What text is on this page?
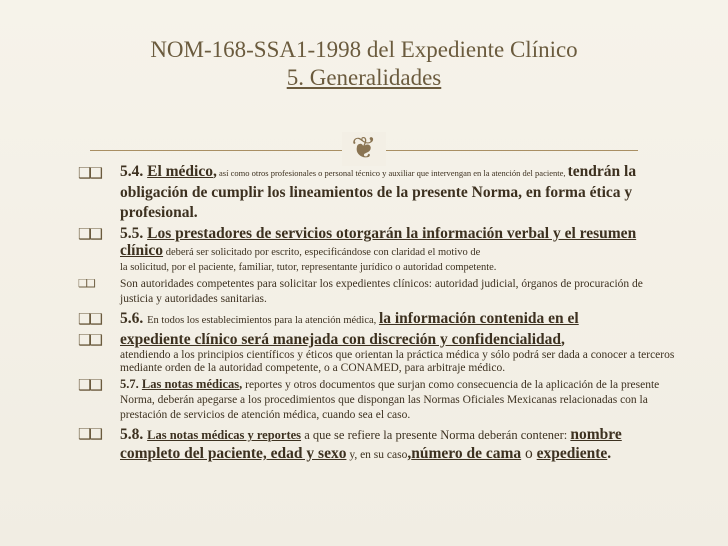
NOM-168-SSA1-1998 del Expediente Clínico
5. Generalidades
❦
❑❑ 5.4. El médico, así como otros profesionales o personal técnico y auxiliar que intervengan en la atención del paciente, tendrán la obligación de cumplir los lineamientos de la presente Norma, en forma ética y profesional.
❑❑ 5.5. Los prestadores de servicios otorgarán la información verbal y el resumen clínico deberá ser solicitado por escrito, especificándose con claridad el motivo de
la solicitud, por el paciente, familiar, tutor, representante jurídico o autoridad competente.
❑❑ Son autoridades competentes para solicitar los expedientes clínicos: autoridad judicial, órganos de procuración de justicia y autoridades sanitarias.
❑❑ 5.6. En todos los establecimientos para la atención médica, la información contenida en el
❑❑ expediente clínico será manejada con discreción y confidencialidad,
atendiendo a los principios científicos y éticos que orientan la práctica médica y sólo podrá ser dada a conocer a terceros mediante orden de la autoridad competente, o a CONAMED, para arbitraje médico.
❑❑ 5.7. Las notas médicas, reportes y otros documentos que surjan como consecuencia de la aplicación de la presente Norma, deberán apegarse a los procedimientos que dispongan las Normas Oficiales Mexicanas relacionadas con la prestación de servicios de atención médica, cuando sea el caso.
❑❑ 5.8. Las notas médicas y reportes a que se refiere la presente Norma deberán contener: nombre completo del paciente, edad y sexo y, en su caso,número de cama o expediente.
